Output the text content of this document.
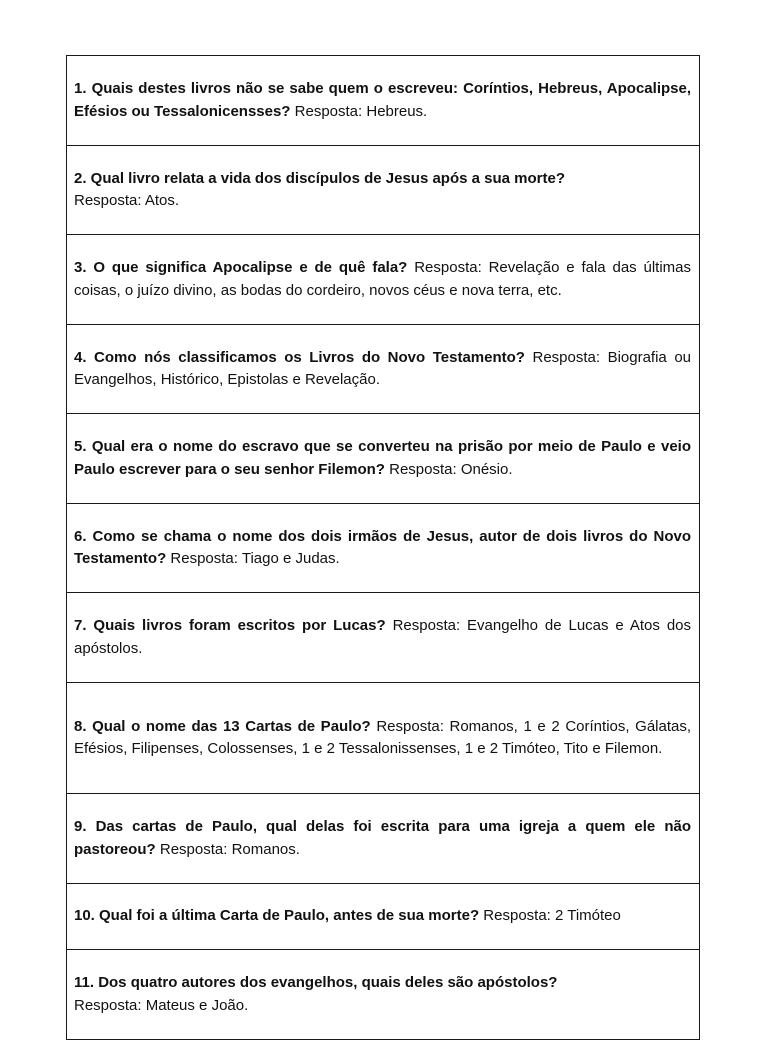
1. Quais destes livros não se sabe quem o escreveu: Coríntios, Hebreus, Apocalipse, Efésios ou Tessalonicensses? Resposta: Hebreus.

2. Qual livro relata a vida dos discípulos de Jesus após a sua morte?
Resposta: Atos.

3. O que significa Apocalipse e de quê fala? Resposta: Revelação e fala das últimas coisas, o juízo divino, as bodas do cordeiro, novos céus e nova terra, etc.

4. Como nós classificamos os Livros do Novo Testamento? Resposta: Biografia ou Evangelhos, Histórico, Epistolas e Revelação.

5. Qual era o nome do escravo que se converteu na prisão por meio de Paulo e veio Paulo escrever para o seu senhor Filemon? Resposta: Onésio.

6. Como se chama o nome dos dois irmãos de Jesus, autor de dois livros do Novo Testamento? Resposta: Tiago e Judas.

7. Quais livros foram escritos por Lucas? Resposta: Evangelho de Lucas e Atos dos apóstolos.

8. Qual o nome das 13 Cartas de Paulo? Resposta: Romanos, 1 e 2 Coríntios, Gálatas, Efésios, Filipenses, Colossenses, 1 e 2 Tessalonissenses, 1 e 2 Timóteo, Tito e Filemon.

9. Das cartas de Paulo, qual delas foi escrita para uma igreja a quem ele não pastoreou? Resposta: Romanos.

10. Qual foi a última Carta de Paulo, antes de sua morte? Resposta: 2 Timóteo

11. Dos quatro autores dos evangelhos, quais deles são apóstolos?
Resposta: Mateus e João.
